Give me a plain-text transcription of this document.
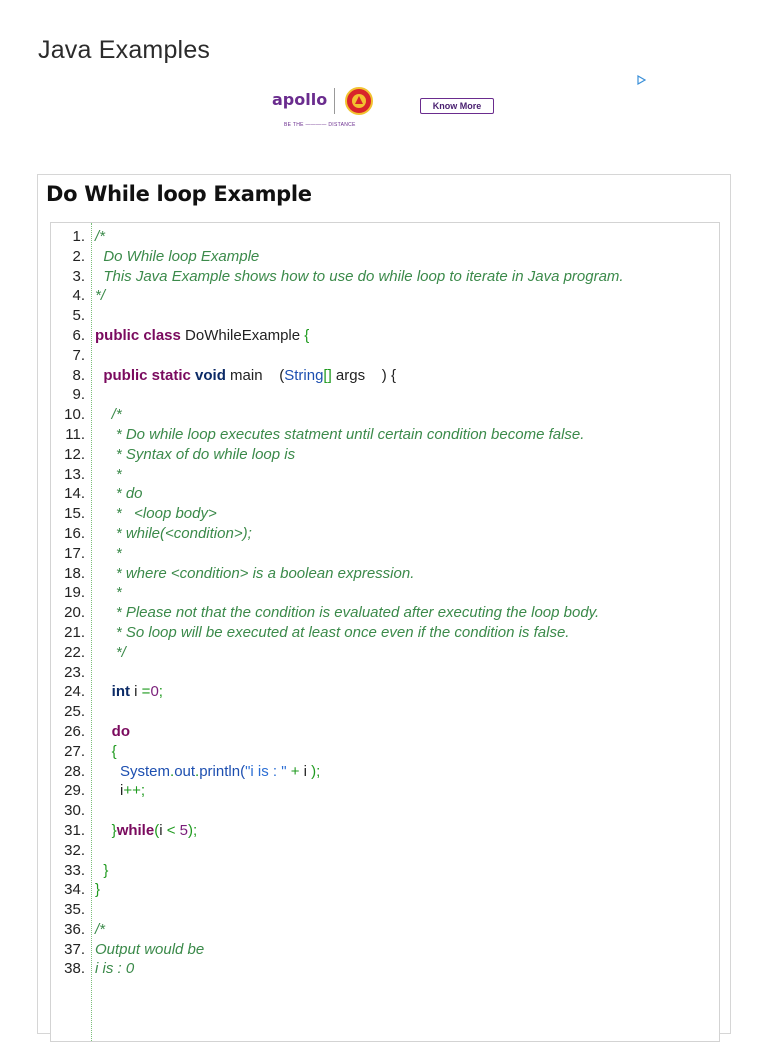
Java Examples
apollo
BE THE ———— DISTANCE
Know More
Do While loop Example
1. /*
2. Do While loop Example
3. This Java Example shows how to use do while loop to iterate in Java program.
4. */
5.
6. public class DoWhileExample {
7.
8. public static void main    (String[] args    ) {
9.
10. /*
11. * Do while loop executes statment until certain condition become false.
12. * Syntax of do while loop is
13. *
14. * do
15. *   <loop body>
16. * while(<condition>);
17. *
18. * where <condition> is a boolean expression.
19. *
20. * Please not that the condition is evaluated after executing the loop body.
21. * So loop will be executed at least once even if the condition is false.
22. */
23.
24. int i =0;
25.
26. do
27. {
28. System.out.println("i is : " + i );
29. i++;
30.
31. }while(i < 5);
32.
33. }
34. }
35.
36. /*
37. Output would be
38. i is : 0
